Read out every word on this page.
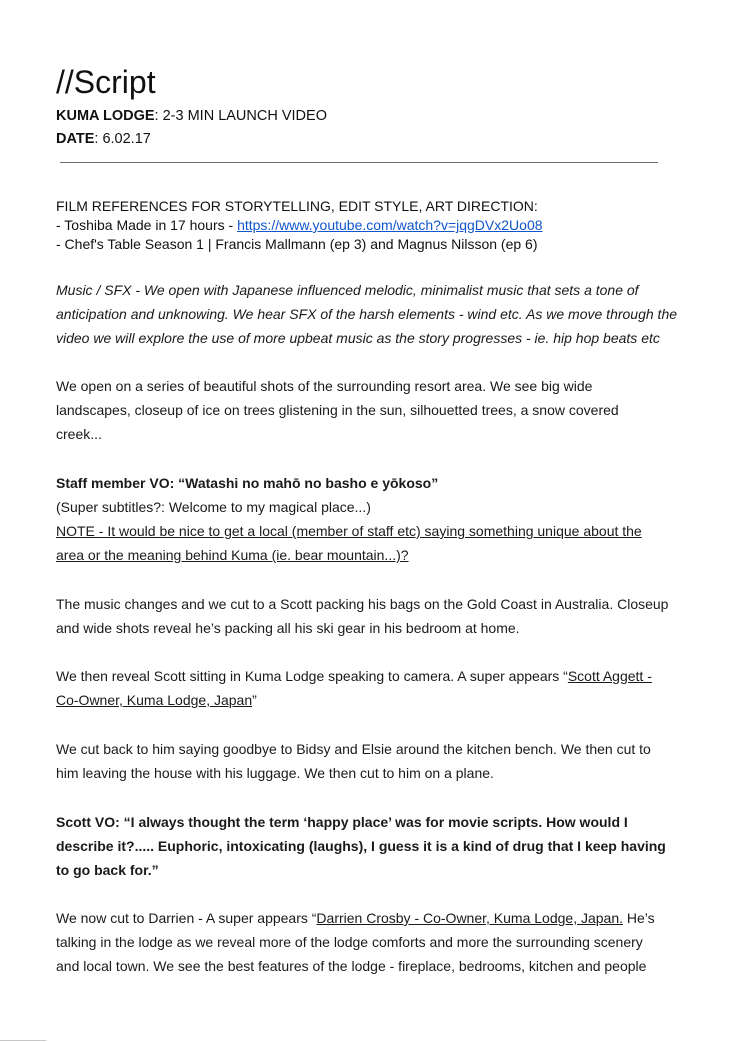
//Script
KUMA LODGE: 2-3 MIN LAUNCH VIDEO
DATE: 6.02.17
FILM REFERENCES FOR STORYTELLING, EDIT STYLE, ART DIRECTION:
- Toshiba Made in 17 hours - https://www.youtube.com/watch?v=jqgDVx2Uo08
- Chef's Table Season 1 | Francis Mallmann (ep 3) and Magnus Nilsson (ep 6)
Music / SFX - We open with Japanese influenced melodic, minimalist music that sets a tone of
anticipation and unknowing. We hear SFX of the harsh elements - wind etc. As we move through the
video we will explore the use of more upbeat music as the story progresses - ie. hip hop beats etc
We open on a series of beautiful shots of the surrounding resort area. We see big wide
landscapes, closeup of ice on trees glistening in the sun, silhouetted trees, a snow covered
creek...
Staff member VO: “Watashi no mahō no basho e yōkoso”
(Super subtitles?: Welcome to my magical place...)
NOTE - It would be nice to get a local (member of staff etc) saying something unique about the
area or the meaning behind Kuma (ie. bear mountain...)?
The music changes and we cut to a Scott packing his bags on the Gold Coast in Australia. Closeup
and wide shots reveal he’s packing all his ski gear in his bedroom at home.
We then reveal Scott sitting in Kuma Lodge speaking to camera. A super appears “Scott Aggett -
Co-Owner, Kuma Lodge, Japan”
We cut back to him saying goodbye to Bidsy and Elsie around the kitchen bench. We then cut to
him leaving the house with his luggage. We then cut to him on a plane.
Scott VO: “I always thought the term ‘happy place’ was for movie scripts. How would I
describe it?..... Euphoric, intoxicating (laughs), I guess it is a kind of drug that I keep having
to go back for.”
We now cut to Darrien - A super appears “Darrien Crosby - Co-Owner, Kuma Lodge, Japan. He’s
talking in the lodge as we reveal more of the lodge comforts and more the surrounding scenery
and local town. We see the best features of the lodge - fireplace, bedrooms, kitchen and people
